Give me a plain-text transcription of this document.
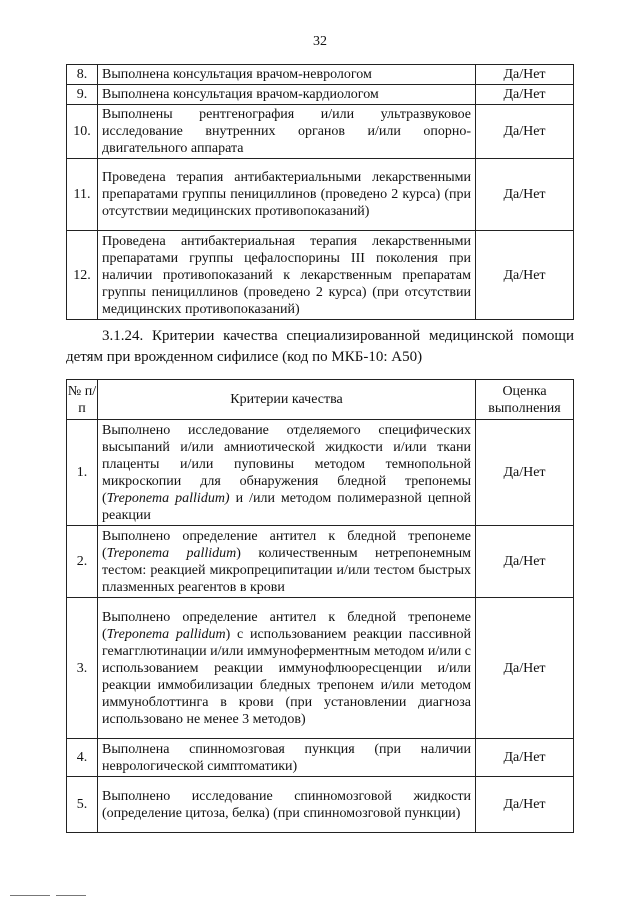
32
8.	Выполнена консультация врачом-неврологом	Да/Нет
9.	Выполнена консультация врачом-кардиологом	Да/Нет
10.	Выполнены рентгенография и/или ультразвуковое исследование внутренних органов и/или опорно-двигательного аппарата	Да/Нет
11.	Проведена терапия антибактериальными лекарственными препаратами группы пенициллинов (проведено 2 курса) (при отсутствии медицинских противопоказаний)	Да/Нет
12.	Проведена антибактериальная терапия лекарственными препаратами группы цефалоспорины III поколения при наличии противопоказаний к лекарственным препаратам группы пенициллинов (проведено 2 курса) (при отсутствии медицинских противопоказаний)	Да/Нет
3.1.24. Критерии качества специализированной медицинской помощи детям при врожденном сифилисе (код по МКБ-10: A50)
№ п/п	Критерии качества	Оценка выполнения
1.	Выполнено исследование отделяемого специфических высыпаний и/или амниотической жидкости и/или ткани плаценты и/или пуповины методом темнопольной микроскопии для обнаружения бледной трепонемы (Treponema pallidum) и /или методом полимеразной цепной реакции	Да/Нет
2.	Выполнено определение антител к бледной трепонеме (Treponema pallidum) количественным нетрепонемным тестом: реакцией микропреципитации и/или тестом быстрых плазменных реагентов в крови	Да/Нет
3.	Выполнено определение антител к бледной трепонеме (Treponema pallidum) с использованием реакции пассивной гемагглютинации и/или иммуноферментным методом и/или с использованием реакции иммунофлюоресценции и/или реакции иммобилизации бледных трепонем и/или методом иммуноблоттинга в крови (при установлении диагноза использовано не менее 3 методов)	Да/Нет
4.	Выполнена спинномозговая пункция (при наличии неврологической симптоматики)	Да/Нет
5.	Выполнено исследование спинномозговой жидкости (определение цитоза, белка) (при спинномозговой пункции)	Да/Нет
